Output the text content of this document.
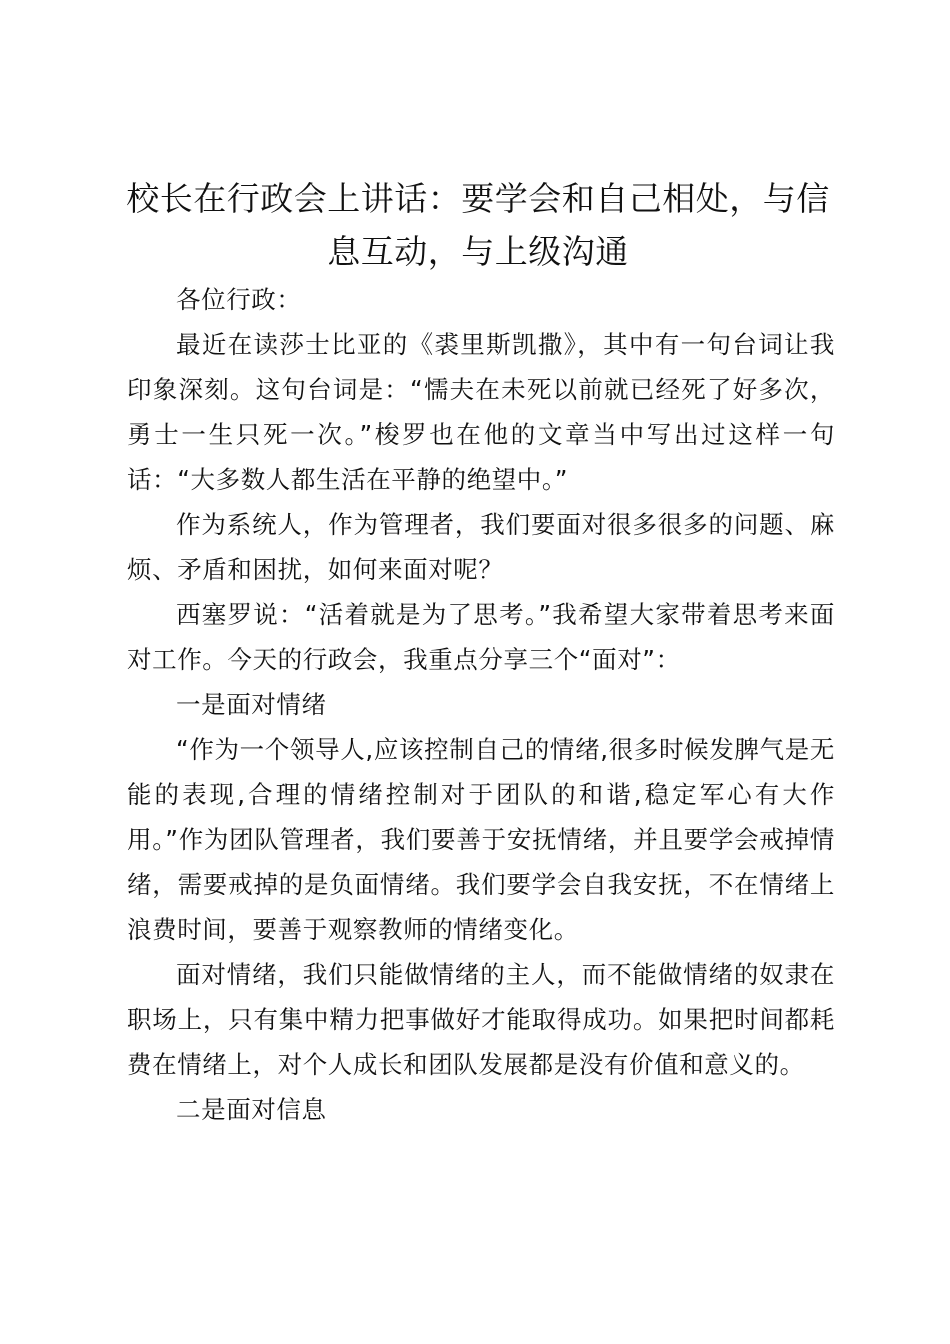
校长在行政会上讲话：要学会和自己相处，与信息互动，与上级沟通

各位行政：

最近在读莎士比亚的《裘里斯凯撒》，其中有一句台词让我印象深刻。这句台词是：“懦夫在未死以前就已经死了好多次，勇士一生只死一次。”梭罗也在他的文章当中写出过这样一句话：“大多数人都生活在平静的绝望中。”

作为系统人，作为管理者，我们要面对很多很多的问题、麻烦、矛盾和困扰，如何来面对呢？

西塞罗说：“活着就是为了思考。”我希望大家带着思考来面对工作。今天的行政会，我重点分享三个“面对”：

一是面对情绪

“作为一个领导人,应该控制自己的情绪,很多时候发脾气是无能的表现,合理的情绪控制对于团队的和谐,稳定军心有大作用。”作为团队管理者，我们要善于安抚情绪，并且要学会戒掉情绪，需要戒掉的是负面情绪。我们要学会自我安抚，不在情绪上浪费时间，要善于观察教师的情绪变化。

面对情绪，我们只能做情绪的主人，而不能做情绪的奴隶在职场上，只有集中精力把事做好才能取得成功。如果把时间都耗费在情绪上，对个人成长和团队发展都是没有价值和意义的。

二是面对信息
